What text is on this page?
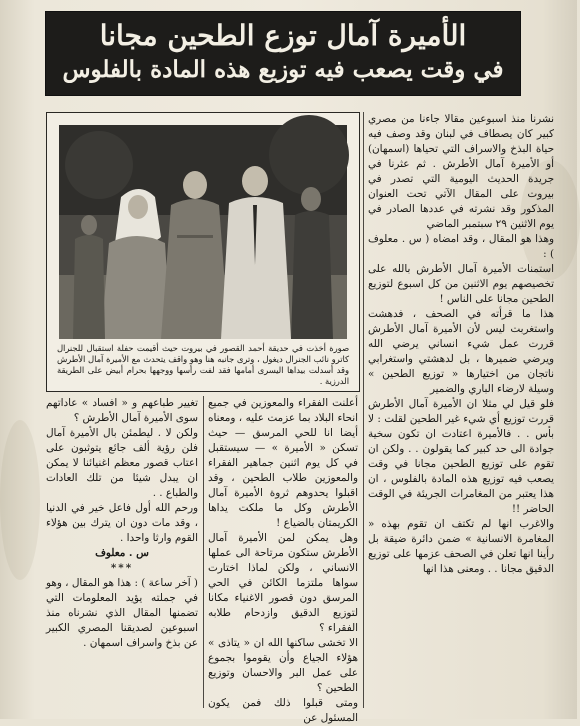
الأميرة آمال توزع الطحين مجانا
في وقت يصعب فيه توزيع هذه المادة بالفلوس
صورة أخذت في حديقة أحمد القصور في بيروت حيث أقيمت حفلة استقبال للجنرال كاترو نائب الجنرال ديغول ، وترى جانبه هنا وهو واقف يتحدث مع الأميرة آمال الأطرش وقد أسدلت بيداها اليسرى أمامها فقد لفت رأسها ووجهها بحرام أبيض على الطريقة الدرزية .

نشرنا منذ اسبوعين مقالا جاءنا من مصري كبير كان يصطاف في لبنان وقد وصف فيه حياة البذخ والاسراف التي تحياها (اسمهان) أو الأميرة آمال الأطرش . ثم عثرنا في جريدة الحديث اليومية التي تصدر في بيروت على المقال الآتي تحت العنوان المذكور وقد نشرته في عددها الصادر في يوم الاثنين ٢٩ سبتمبر الماضي

وهذا هو المقال ، وقد امضاه ( س . معلوف ) :

استمنات الأميرة آمال الأطرش بالله على تخصيصهم يوم الاثنين من كل اسبوع لتوزيع الطحين مجانا على الناس !

هذا ما قرأته في الصحف ، فدهشت واستغربت ليس لأن الأميرة آمال الأطرش قررت عمل شيء انساني يرضي الله ويرضي ضميرها ، بل لدهشتي واستغرابي ناتجان من اختيارها « توزيع الطحين » وسيلة لارضاء الباري والضمير

فلو قيل لي مثلا ان الأميرة آمال الأطرش قررت توزيع أي شيء غير الطحين لقلت : لا بأس . . فالأميرة اعتادت ان تكون سخية جوادة الى حد كبير كما يقولون . . ولكن ان تقوم على توزيع الطحين مجانا في وقت يصعب فيه توزيع هذه المادة بالفلوس ، ان هذا يعتبر من المغامرات الجريئة في الوقت الحاضر !!

والاغرب انها لم تكتف ان تقوم بهذه « المغامرة الانسانية » ضمن دائرة ضيقة بل رأينا انها تعلن في الصحف عزمها على توزيع الدقيق مجانا . . ومعنى هذا انها

أعلنت الفقراء والمعوزين في جميع انحاء البلاد بما عزمت عليه ، ومعناه أيضا انا للحي المرسق — حيث تسكن « الأميرة » — سيستقبل في كل يوم اثنين جماهير الفقراء والمعوزين طلاب الطحين ، وقد اقبلوا يحدوهم ثروة الأميرة آمال الأطرش وكل ما ملكت يداها الكريمتان بالضياع !

وهل يمكن لمن الأميرة آمال الأطرش ستكون مرتاحة الى عملها الانساني ، ولكن لماذا اختارت سواها ملتزما الكائن في الحي المرسق دون قصور الاغنياء مكانا لتوزيع الدقيق وازدحام طلابه الفقراء ؟

الا تخشى ساكنها الله ان « يتاذى » هؤلاء الجياع وأن يقوموا بجموع على عمل البر والاحسان وتوزيع الطحين ؟

ومتى قبلوا ذلك فمن يكون المسئول عن

تغيير طباعهم و « افساد » عاداتهم سوى الأميرة آمال الأطرش ؟

ولكن لا . ليطمئن بال الأميرة آمال فلن رؤية ألف جائع يتوثبون على اعتاب قصور معظم اغنيائنا لا يمكن ان يبدل شيئا من تلك العادات والطباع . .

ورحم الله أول فاعل خير في الدنيا ، وقد مات دون ان يترك بين هؤلاء القوم وارثا واحدا .

س . معلوف

***

( آخر ساعة ) : هذا هو المقال ، وهو في جملته يؤيد المعلومات التي تضمنها المقال الذي نشرناه منذ اسبوعين لصديقنا المصري الكبير عن بذخ واسراف اسمهان .
